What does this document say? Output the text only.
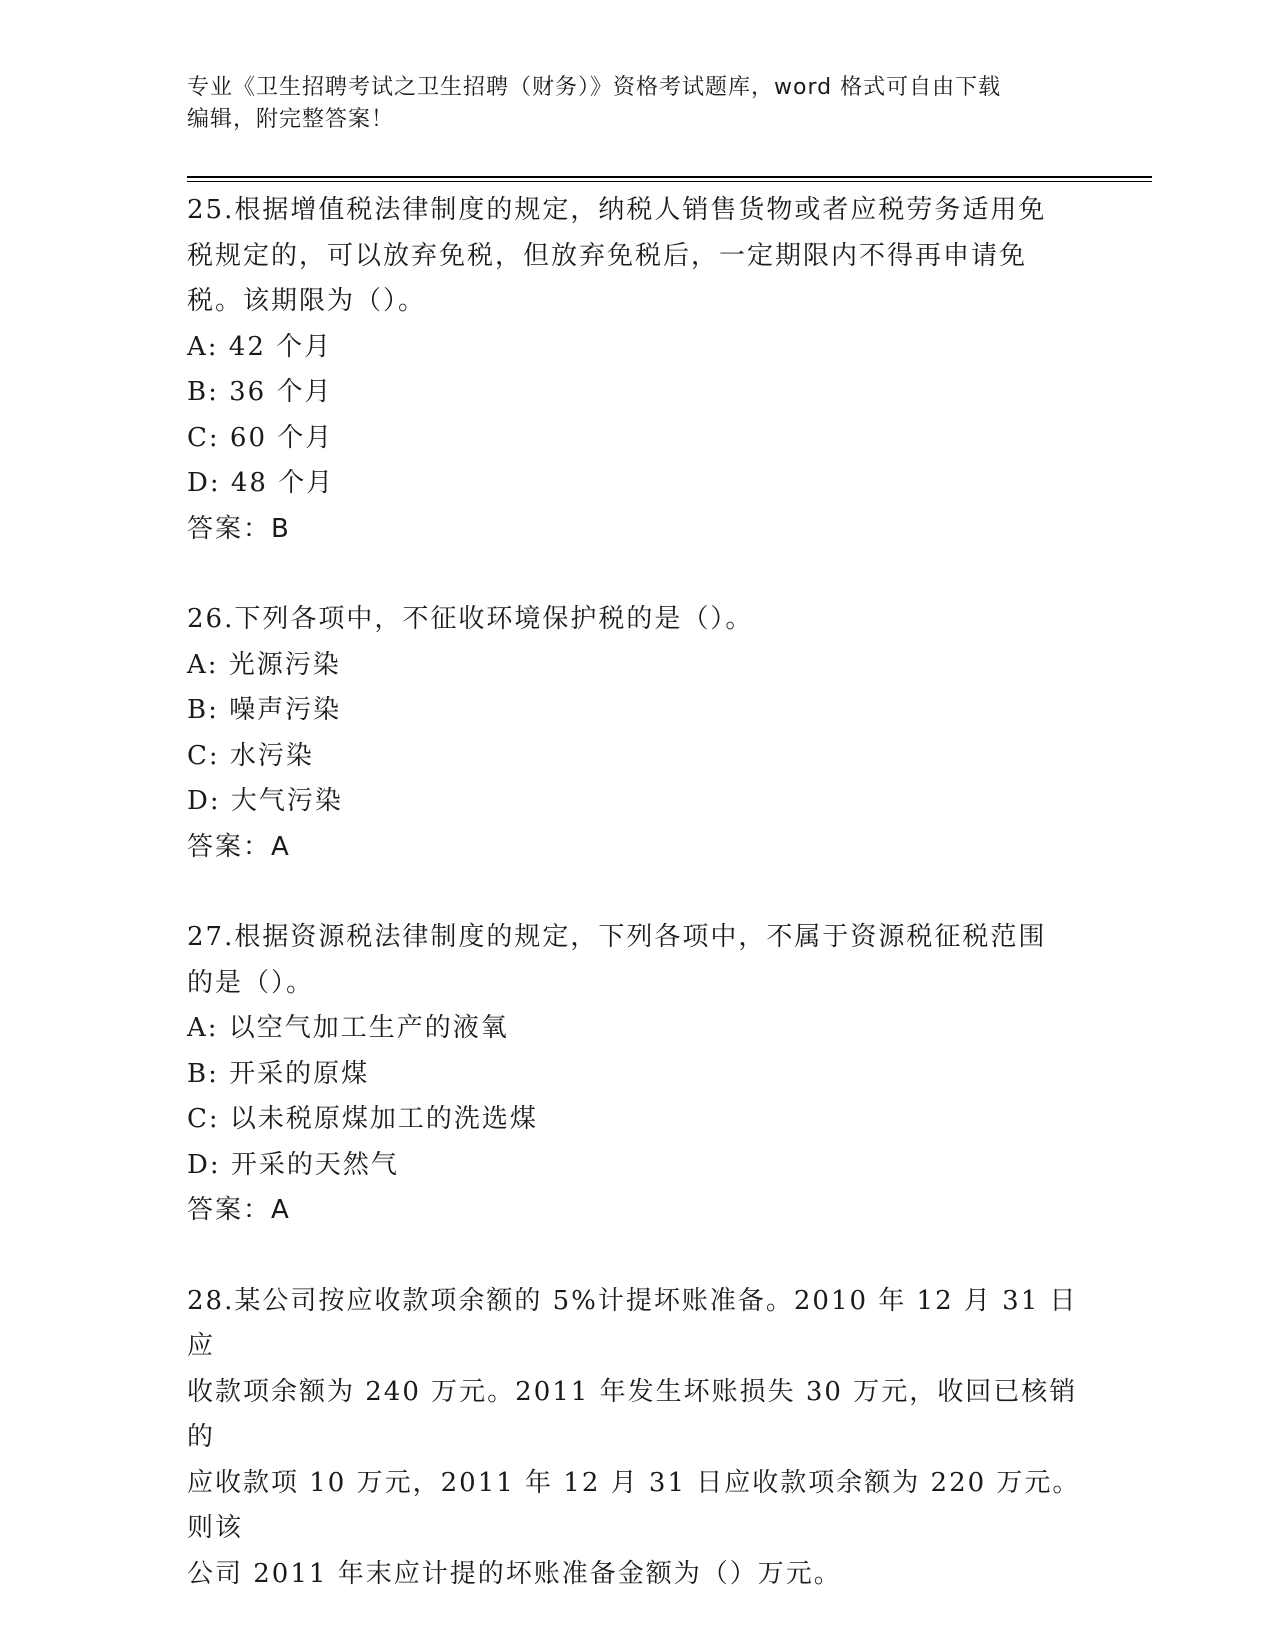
专业《卫生招聘考试之卫生招聘（财务）》资格考试题库，word 格式可自由下载
编辑，附完整答案！

25.根据增值税法律制度的规定，纳税人销售货物或者应税劳务适用免

税规定的，可以放弃免税，但放弃免税后，一定期限内不得再申请免

税。该期限为（）。

A: 42 个月

B: 36 个月

C: 60 个月

D: 48 个月

答案：B

26.下列各项中，不征收环境保护税的是（）。

A: 光源污染

B: 噪声污染

C: 水污染

D: 大气污染

答案：A

27.根据资源税法律制度的规定，下列各项中，不属于资源税征税范围

的是（）。

A: 以空气加工生产的液氧

B: 开采的原煤

C: 以未税原煤加工的洗选煤

D: 开采的天然气

答案：A

28.某公司按应收款项余额的 5%计提坏账准备。2010 年 12 月 31 日应

收款项余额为 240 万元。2011 年发生坏账损失 30 万元，收回已核销的

应收款项 10 万元，2011 年 12 月 31 日应收款项余额为 220 万元。则该

公司 2011 年末应计提的坏账准备金额为（）万元。
